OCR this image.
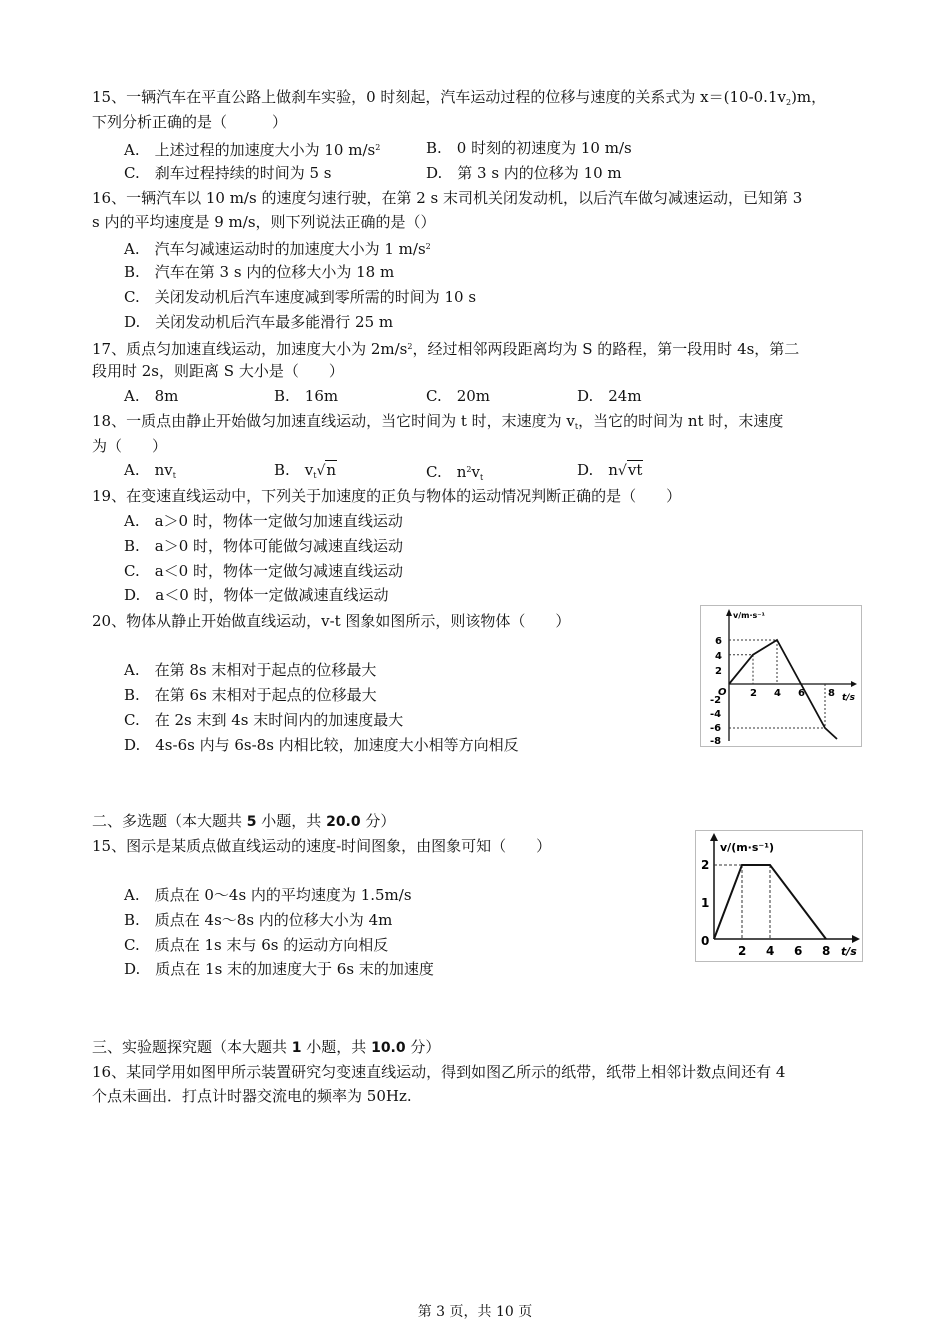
15、一辆汽车在平直公路上做刹车实验，0 时刻起，汽车运动过程的位移与速度的关系式为 $x=(10-0.1v_2)m$，
下列分析正确的是（　　　）
A.　上述过程的加速度大小为 10 $m/s^2$	B.　0 时刻的初速度为 10 m/s
C.　刹车过程持续的时间为 5 s	D.　第 3 s 内的位移为 10 m
16、一辆汽车以 10 m/s 的速度匀速行驶，在第 2 s 末司机关闭发动机，以后汽车做匀减速运动，已知第 3
s 内的平均速度是 9 m/s，则下列说法正确的是（）
A.　汽车匀减速运动时的加速度大小为 1 $m/s^2$
B.　汽车在第 3 s 内的位移大小为 18 m
C.　关闭发动机后汽车速度减到零所需的时间为 10 s
D.　关闭发动机后汽车最多能滑行 25 m
17、质点匀加速直线运动，加速度大小为 $2m/s^2$，经过相邻两段距离均为 S 的路程，第一段用时 4s，第二
段用时 2s，则距离 S 大小是（　　）
A.　8m	B.　16m	C.　20m	D.　24m
18、一质点由静止开始做匀加速直线运动，当它时间为 t 时，末速度为 $v_t$，当它的时间为 nt 时，末速度
为（　　）
A.　$nv_t$	B.　$v_t√n$	C.　$n^2v_t$	D.　n√vt
19、在变速直线运动中，下列关于加速度的正负与物体的运动情况判断正确的是（　　）
A.　a＞0 时，物体一定做匀加速直线运动
B.　a＞0 时，物体可能做匀减速直线运动
C.　a＜0 时，物体一定做匀减速直线运动
D.　a＜0 时，物体一定做减速直线运动
20、物体从静止开始做直线运动，v-t 图象如图所示，则该物体（　　）
A.　在第 8s 末相对于起点的位移最大
B.　在第 6s 末相对于起点的位移最大
C.　在 2s 末到 4s 末时间内的加速度最大
D.　4s-6s 内与 6s-8s 内相比较，加速度大小相等方向相反
v/m·s⁻¹
t/s
O
6
4
2
-2
-4
-6
-8
2 4 6 8
二、多选题（本大题共 5 小题，共 20.0 分）
15、图示是某质点做直线运动的速度-时间图象，由图象可知（　　）
A.　质点在 0～4s 内的平均速度为 1.5m/s
B.　质点在 4s～8s 内的位移大小为 4m
C.　质点在 1s 末与 6s 的运动方向相反
D.　质点在 1s 末的加速度大于 6s 末的加速度
v/(m·s⁻¹)
t/s
0
2
1
2 4 6 8
三、实验题探究题（本大题共 1 小题，共 10.0 分）
16、某同学用如图甲所示装置研究匀变速直线运动，得到如图乙所示的纸带，纸带上相邻计数点间还有 4
个点未画出．打点计时器交流电的频率为 50Hz.
第 3 页，共 10 页
